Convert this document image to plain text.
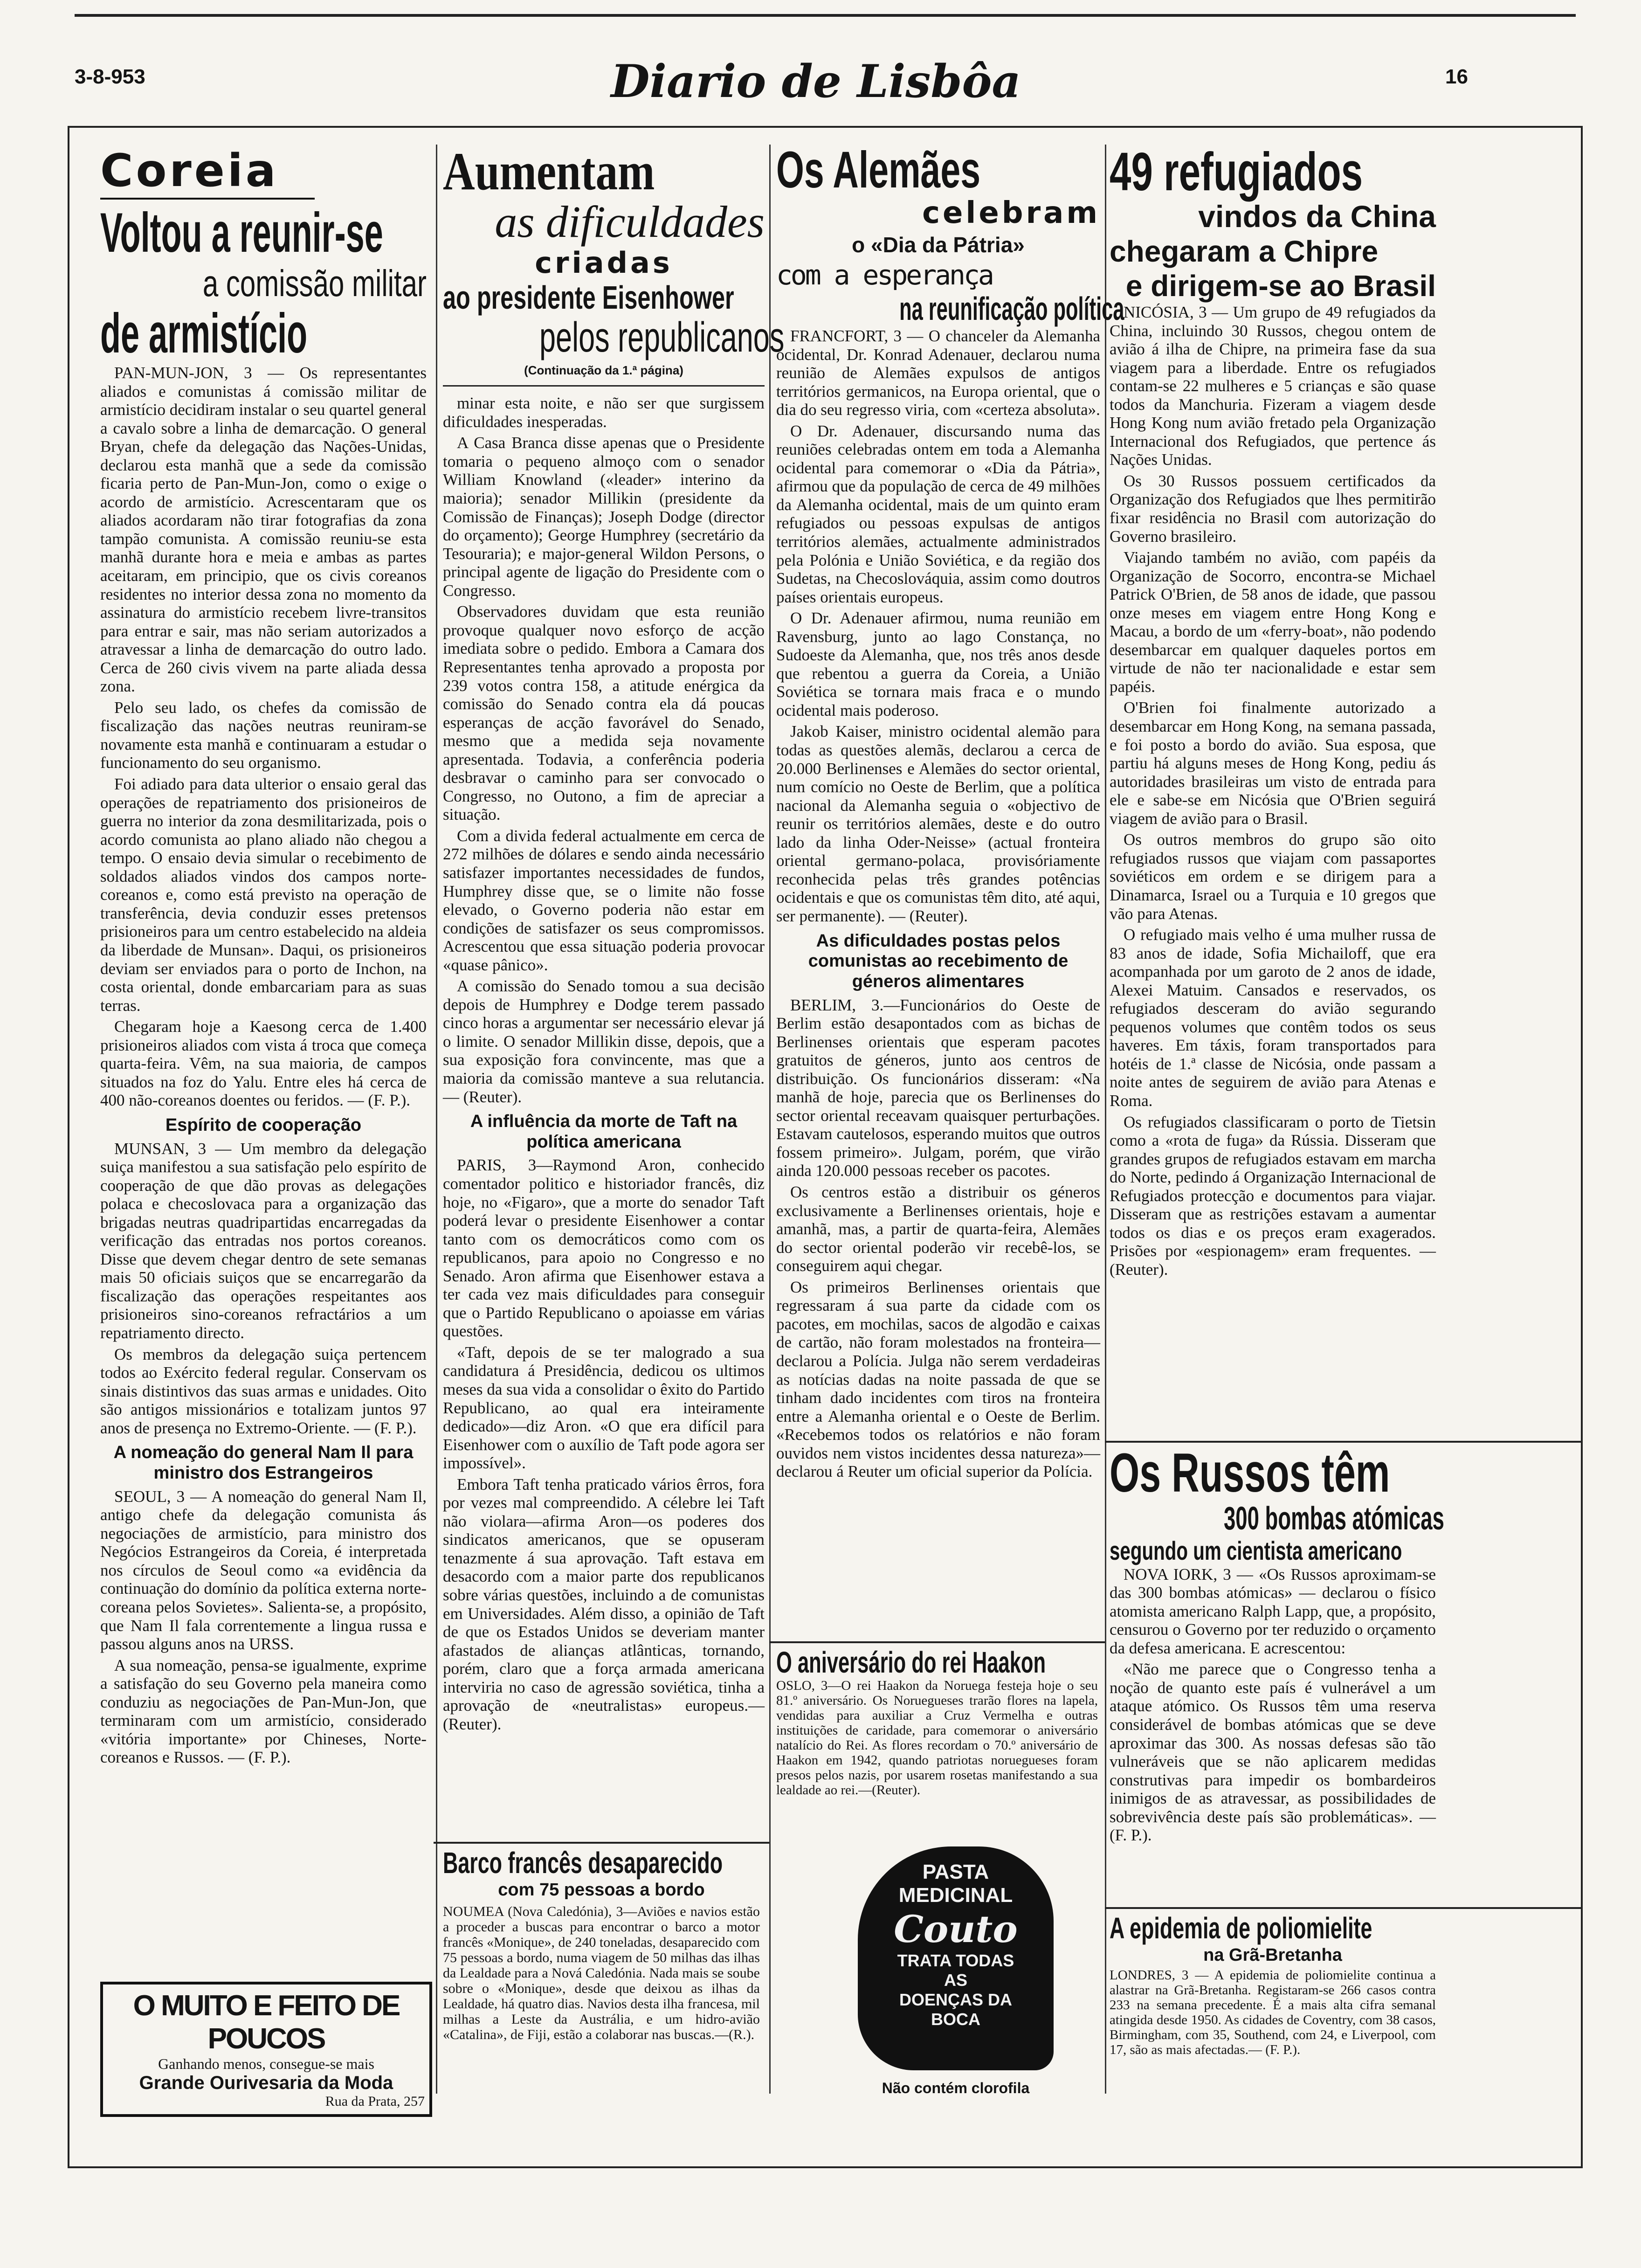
3-8-953	Diario de Lisbôa	16
Coreia
Voltou a reunir-se
a comissão militar
de armistício

PAN-MUN-JON, 3 — Os representantes aliados e comunistas á comissão militar de armistício decidiram instalar o seu quartel general a cavalo sobre a linha de demarcação. O general Bryan, chefe da delegação das Nações-Unidas, declarou esta manhã que a sede da comissão ficaria perto de Pan-Mun-Jon, como o exige o acordo de armistício. Acrescentaram que os aliados acordaram não tirar fotografias da zona tampão comunista. A comissão reuniu-se esta manhã durante hora e meia e ambas as partes aceitaram, em principio, que os civis coreanos residentes no interior dessa zona no momento da assinatura do armistício recebem livre-transitos para entrar e sair, mas não seriam autorizados a atravessar a linha de demarcação do outro lado. Cerca de 260 civis vivem na parte aliada dessa zona.

Pelo seu lado, os chefes da comissão de fiscalização das nações neutras reuniram-se novamente esta manhã e continuaram a estudar o funcionamento do seu organismo.

Foi adiado para data ulterior o ensaio geral das operações de repatriamento dos prisioneiros de guerra no interior da zona desmilitarizada, pois o acordo comunista ao plano aliado não chegou a tempo. O ensaio devia simular o recebimento de soldados aliados vindos dos campos norte-coreanos e, como está previsto na operação de transferência, devia conduzir esses pretensos prisioneiros para um centro estabelecido na aldeia da liberdade de Munsan». Daqui, os prisioneiros deviam ser enviados para o porto de Inchon, na costa oriental, donde embarcariam para as suas terras.

Chegaram hoje a Kaesong cerca de 1.400 prisioneiros aliados com vista á troca que começa quarta-feira. Vêm, na sua maioria, de campos situados na foz do Yalu. Entre eles há cerca de 400 não-coreanos doentes ou feridos. — (F. P.).

Espírito de cooperação

MUNSAN, 3 — Um membro da delegação suiça manifestou a sua satisfação pelo espírito de cooperação de que dão provas as delegações polaca e checoslovaca para a organização das brigadas neutras quadripartidas encarregadas da verificação das entradas nos portos coreanos. Disse que devem chegar dentro de sete semanas mais 50 oficiais suiços que se encarregarão da fiscalização das operações respeitantes aos prisioneiros sino-coreanos refractários a um repatriamento directo.

Os membros da delegação suiça pertencem todos ao Exército federal regular. Conservam os sinais distintivos das suas armas e unidades. Oito são antigos missionários e totalizam juntos 97 anos de presença no Extremo-Oriente. — (F. P.).

A nomeação do general Nam Il para ministro dos Estrangeiros

SEOUL, 3 — A nomeação do general Nam Il, antigo chefe da delegação comunista ás negociações de armistício, para ministro dos Negócios Estrangeiros da Coreia, é interpretada nos círculos de Seoul como «a evidência da continuação do domínio da política externa norte-coreana pelos Sovietes». Salienta-se, a propósito, que Nam Il fala correntemente a lingua russa e passou alguns anos na URSS.

A sua nomeação, pensa-se igualmente, exprime a satisfação do seu Governo pela maneira como conduziu as negociações de Pan-Mun-Jon, que terminaram com um armistício, considerado «vitória importante» por Chineses, Norte-coreanos e Russos. — (F. P.).

O MUITO E FEITO DE POUCOS
Ganhando menos, consegue-se mais
Grande Ourivesaria da Moda
Rua da Prata, 257
Aumentam
as dificuldades
criadas
ao presidente Eisenhower
pelos republicanos
(Continuação da 1.ª página)

minar esta noite, e não ser que surgissem dificuldades inesperadas.

A Casa Branca disse apenas que o Presidente tomaria o pequeno almoço com o senador William Knowland («leader» interino da maioria); senador Millikin (presidente da Comissão de Finanças); Joseph Dodge (director do orçamento); George Humphrey (secretário da Tesouraria); e major-general Wildon Persons, o principal agente de ligação do Presidente com o Congresso.

Observadores duvidam que esta reunião provoque qualquer novo esforço de acção imediata sobre o pedido. Embora a Camara dos Representantes tenha aprovado a proposta por 239 votos contra 158, a atitude enérgica da comissão do Senado contra ela dá poucas esperanças de acção favorável do Senado, mesmo que a medida seja novamente apresentada. Todavia, a conferência poderia desbravar o caminho para ser convocado o Congresso, no Outono, a fim de apreciar a situação.

Com a divida federal actualmente em cerca de 272 milhões de dólares e sendo ainda necessário satisfazer importantes necessidades de fundos, Humphrey disse que, se o limite não fosse elevado, o Governo poderia não estar em condições de satisfazer os seus compromissos. Acrescentou que essa situação poderia provocar «quase pânico».

A comissão do Senado tomou a sua decisão depois de Humphrey e Dodge terem passado cinco horas a argumentar ser necessário elevar já o limite. O senador Millikin disse, depois, que a sua exposição fora convincente, mas que a maioria da comissão manteve a sua relutancia. — (Reuter).

A influência da morte de Taft na política americana

PARIS, 3—Raymond Aron, conhecido comentador politico e historiador francês, diz hoje, no «Figaro», que a morte do senador Taft poderá levar o presidente Eisenhower a contar tanto com os democráticos como com os republicanos, para apoio no Congresso e no Senado. Aron afirma que Eisenhower estava a ter cada vez mais dificuldades para conseguir que o Partido Republicano o apoiasse em várias questões.

«Taft, depois de se ter malogrado a sua candidatura á Presidência, dedicou os ultimos meses da sua vida a consolidar o êxito do Partido Republicano, ao qual era inteiramente dedicado»—diz Aron. «O que era difícil para Eisenhower com o auxílio de Taft pode agora ser impossível».

Embora Taft tenha praticado vários êrros, fora por vezes mal compreendido. A célebre lei Taft não violara—afirma Aron—os poderes dos sindicatos americanos, que se opuseram tenazmente á sua aprovação. Taft estava em desacordo com a maior parte dos republicanos sobre várias questões, incluindo a de comunistas em Universidades. Além disso, a opinião de Taft de que os Estados Unidos se deveriam manter afastados de alianças atlânticas, tornando, porém, claro que a força armada americana interviria no caso de agressão soviética, tinha a aprovação de «neutralistas» europeus.—(Reuter).

Barco francês desaparecido
com 75 pessoas a bordo

NOUMEA (Nova Caledónia), 3—Aviões e navios estão a proceder a buscas para encontrar o barco a motor francês «Monique», de 240 toneladas, desaparecido com 75 pessoas a bordo, numa viagem de 50 milhas das ilhas da Lealdade para a Nová Caledónia. Nada mais se soube sobre o «Monique», desde que deixou as ilhas da Lealdade, há quatro dias. Navios desta ilha francesa, mil milhas a Leste da Austrália, e um hidro-avião «Catalina», de Fiji, estão a colaborar nas buscas.—(R.).

Os Alemães
celebram
o «Dia da Pátria»
com a esperança
na reunificação política

FRANCFORT, 3 — O chanceler da Alemanha ocidental, Dr. Konrad Adenauer, declarou numa reunião de Alemães expulsos de antigos territórios germanicos, na Europa oriental, que o dia do seu regresso viria, com «certeza absoluta».

O Dr. Adenauer, discursando numa das reuniões celebradas ontem em toda a Alemanha ocidental para comemorar o «Dia da Pátria», afirmou que da população de cerca de 49 milhões da Alemanha ocidental, mais de um quinto eram refugiados ou pessoas expulsas de antigos territórios alemães, actualmente administrados pela Polónia e União Soviética, e da região dos Sudetas, na Checoslováquia, assim como doutros países orientais europeus.

O Dr. Adenauer afirmou, numa reunião em Ravensburg, junto ao lago Constança, no Sudoeste da Alemanha, que, nos três anos desde que rebentou a guerra da Coreia, a União Soviética se tornara mais fraca e o mundo ocidental mais poderoso.

Jakob Kaiser, ministro ocidental alemão para todas as questões alemãs, declarou a cerca de 20.000 Berlinenses e Alemães do sector oriental, num comício no Oeste de Berlim, que a política nacional da Alemanha seguia o «objectivo de reunir os territórios alemães, deste e do outro lado da linha Oder-Neisse» (actual fronteira oriental germano-polaca, provisóriamente reconhecida pelas três grandes potências ocidentais e que os comunistas têm dito, até aqui, ser permanente). — (Reuter).

As dificuldades postas pelos comunistas ao recebimento de géneros alimentares

BERLIM, 3.—Funcionários do Oeste de Berlim estão desapontados com as bichas de Berlinenses orientais que esperam pacotes gratuitos de géneros, junto aos centros de distribuição. Os funcionários disseram: «Na manhã de hoje, parecia que os Berlinenses do sector oriental receavam quaisquer perturbações. Estavam cautelosos, esperando muitos que outros fossem primeiro». Julgam, porém, que virão ainda 120.000 pessoas receber os pacotes.

Os centros estão a distribuir os géneros exclusivamente a Berlinenses orientais, hoje e amanhã, mas, a partir de quarta-feira, Alemães do sector oriental poderão vir recebê-los, se conseguirem aqui chegar.

Os primeiros Berlinenses orientais que regressaram á sua parte da cidade com os pacotes, em mochilas, sacos de algodão e caixas de cartão, não foram molestados na fronteira—declarou a Polícia. Julga não serem verdadeiras as notícias dadas na noite passada de que se tinham dado incidentes com tiros na fronteira entre a Alemanha oriental e o Oeste de Berlim. «Recebemos todos os relatórios e não foram ouvidos nem vistos incidentes dessa natureza»—declarou á Reuter um oficial superior da Polícia.

O aniversário do rei Haakon

OSLO, 3—O rei Haakon da Noruega festeja hoje o seu 81.º aniversário. Os Noruegueses trarão flores na lapela, vendidas para auxiliar a Cruz Vermelha e outras instituições de caridade, para comemorar o aniversário natalício do Rei. As flores recordam o 70.º aniversário de Haakon em 1942, quando patriotas noruegueses foram presos pelos nazis, por usarem rosetas manifestando a sua lealdade ao rei.—(Reuter).

PASTA
MEDICINAL
Couto
TRATA TODAS
AS
DOENÇAS DA
BOCA
Não contém clorofila
49 refugiados
vindos da China
chegaram a Chipre
e dirigem-se ao Brasil

NICÓSIA, 3 — Um grupo de 49 refugiados da China, incluindo 30 Russos, chegou ontem de avião á ilha de Chipre, na primeira fase da sua viagem para a liberdade. Entre os refugiados contam-se 22 mulheres e 5 crianças e são quase todos da Manchuria. Fizeram a viagem desde Hong Kong num avião fretado pela Organização Internacional dos Refugiados, que pertence ás Nações Unidas.

Os 30 Russos possuem certificados da Organização dos Refugiados que lhes permitirão fixar residência no Brasil com autorização do Governo brasileiro.

Viajando também no avião, com papéis da Organização de Socorro, encontra-se Michael Patrick O'Brien, de 58 anos de idade, que passou onze meses em viagem entre Hong Kong e Macau, a bordo de um «ferry-boat», não podendo desembarcar em qualquer daqueles portos em virtude de não ter nacionalidade e estar sem papéis.

O'Brien foi finalmente autorizado a desembarcar em Hong Kong, na semana passada, e foi posto a bordo do avião. Sua esposa, que partiu há alguns meses de Hong Kong, pediu ás autoridades brasileiras um visto de entrada para ele e sabe-se em Nicósia que O'Brien seguirá viagem de avião para o Brasil.

Os outros membros do grupo são oito refugiados russos que viajam com passaportes soviéticos em ordem e se dirigem para a Dinamarca, Israel ou a Turquia e 10 gregos que vão para Atenas.

O refugiado mais velho é uma mulher russa de 83 anos de idade, Sofia Michailoff, que era acompanhada por um garoto de 2 anos de idade, Alexei Matuim. Cansados e reservados, os refugiados desceram do avião segurando pequenos volumes que contêm todos os seus haveres. Em táxis, foram transportados para hotéis de 1.ª classe de Nicósia, onde passam a noite antes de seguirem de avião para Atenas e Roma.

Os refugiados classificaram o porto de Tietsin como a «rota de fuga» da Rússia. Disseram que grandes grupos de refugiados estavam em marcha do Norte, pedindo á Organização Internacional de Refugiados protecção e documentos para viajar. Disseram que as restrições estavam a aumentar todos os dias e os preços eram exagerados. Prisões por «espionagem» eram frequentes. — (Reuter).

Os Russos têm
300 bombas atómicas
segundo um cientista americano

NOVA IORK, 3 — «Os Russos aproximam-se das 300 bombas atómicas» — declarou o físico atomista americano Ralph Lapp, que, a propósito, censurou o Governo por ter reduzido o orçamento da defesa americana. E acrescentou:

«Não me parece que o Congresso tenha a noção de quanto este país é vulnerável a um ataque atómico. Os Russos têm uma reserva considerável de bombas atómicas que se deve aproximar das 300. As nossas defesas são tão vulneráveis que se não aplicarem medidas construtivas para impedir os bombardeiros inimigos de as atravessar, as possibilidades de sobrevivência deste país são problemáticas». — (F. P.).

A epidemia de poliomielite
na Grã-Bretanha

LONDRES, 3 — A epidemia de poliomielite continua a alastrar na Grã-Bretanha. Registaram-se 266 casos contra 233 na semana precedente. É a mais alta cifra semanal atingida desde 1950. As cidades de Coventry, com 38 casos, Birmingham, com 35, Southend, com 24, e Liverpool, com 17, são as mais afectadas.— (F. P.).
